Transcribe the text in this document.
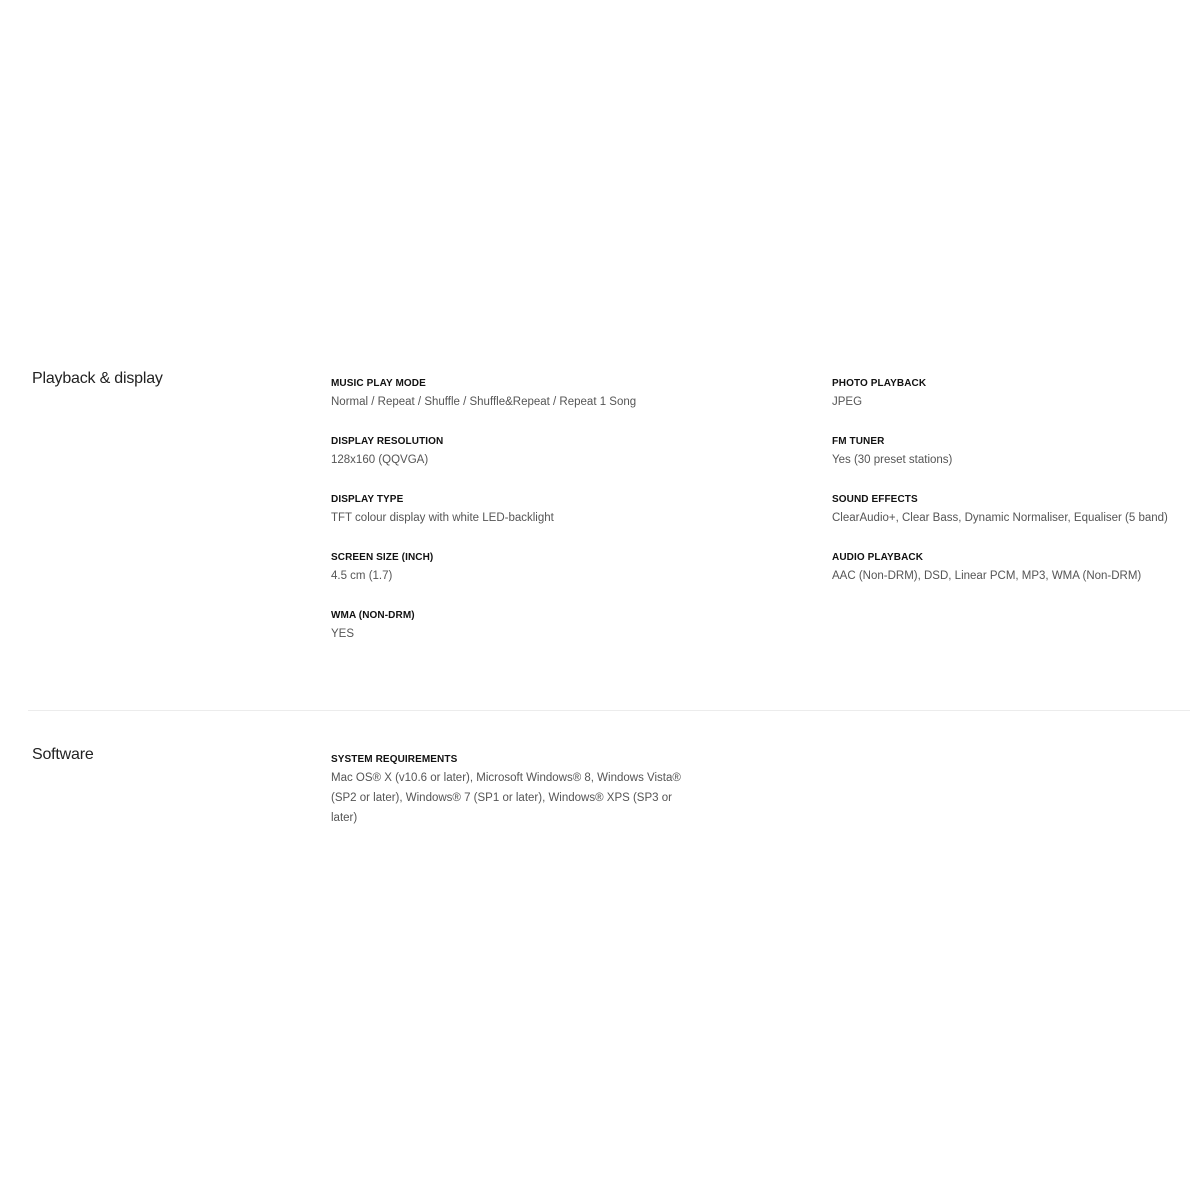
Playback & display	MUSIC PLAY MODE
Normal / Repeat / Shuffle / Shuffle&Repeat / Repeat 1 Song
DISPLAY RESOLUTION
128x160 (QQVGA)
DISPLAY TYPE
TFT colour display with white LED-backlight
SCREEN SIZE (INCH)
4.5 cm (1.7)
WMA (NON-DRM)
YES
PHOTO PLAYBACK
JPEG
FM TUNER
Yes (30 preset stations)
SOUND EFFECTS
ClearAudio+, Clear Bass, Dynamic Normaliser, Equaliser (5 band)
AUDIO PLAYBACK
AAC (Non-DRM), DSD, Linear PCM, MP3, WMA (Non-DRM)
Software	SYSTEM REQUIREMENTS
Mac OS® X (v10.6 or later), Microsoft Windows® 8, Windows Vista® (SP2 or later), Windows® 7 (SP1 or later), Windows® XPS (SP3 or later)
